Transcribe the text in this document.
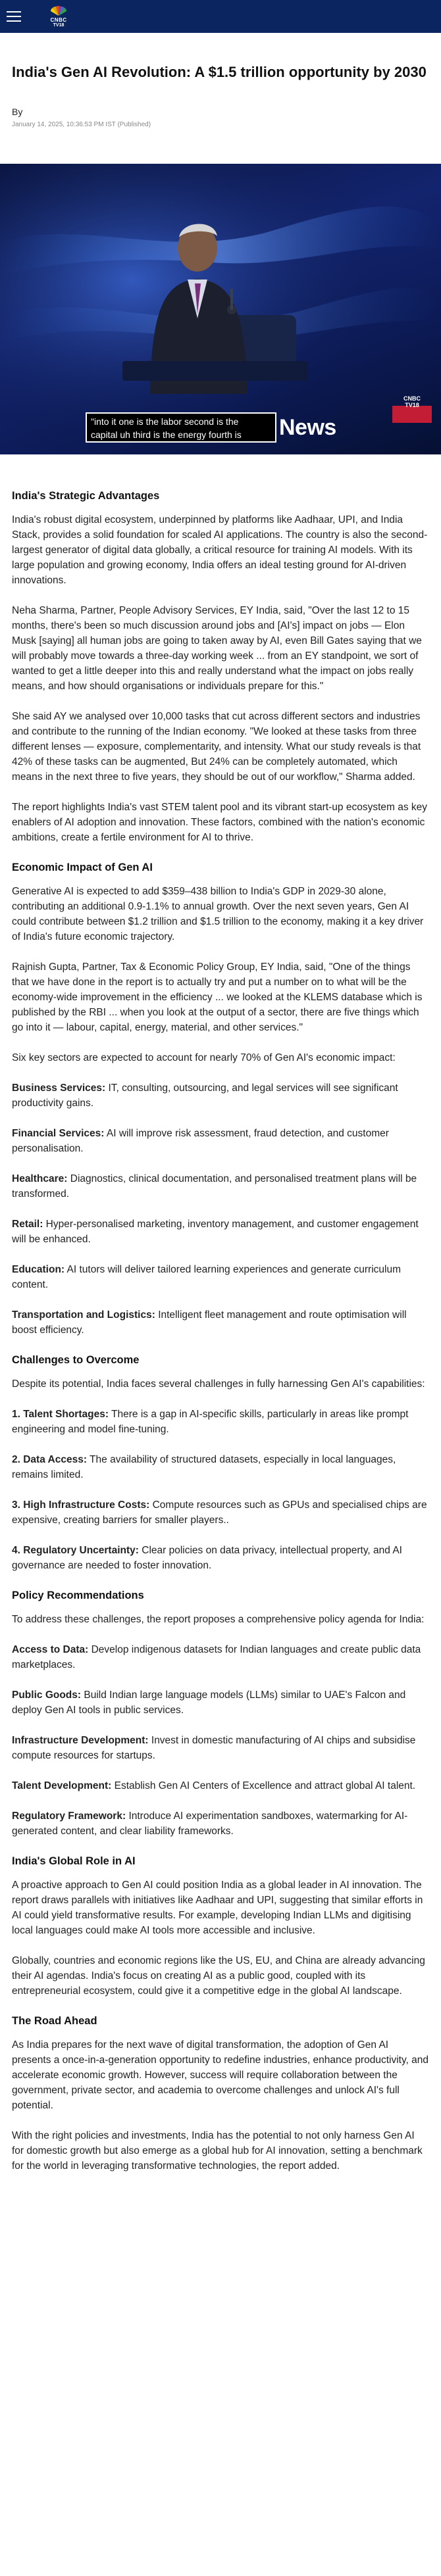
CNBC
TV18
India's Gen AI Revolution: A $1.5 trillion opportunity by 2030
By
January 14, 2025, 10:36:53 PM IST (Published)
CNBC
TV18
"into it one is the labor second is the
capital uh third is the energy fourth is	News
India's Strategic Advantages

India's robust digital ecosystem, underpinned by platforms like Aadhaar, UPI, and India Stack, provides a solid foundation for scaled AI applications. The country is also the second-largest generator of digital data globally, a critical resource for training AI models. With its large population and growing economy, India offers an ideal testing ground for AI-driven innovations.

Neha Sharma, Partner, People Advisory Services, EY India, said, "Over the last 12 to 15 months, there's been so much discussion around jobs and [AI's] impact on jobs — Elon Musk [saying] all human jobs are going to taken away by AI, even Bill Gates saying that we will probably move towards a three-day working week ... from an EY standpoint, we sort of wanted to get a little deeper into this and really understand what the impact on jobs really means, and how should organisations or individuals prepare for this."

She said AY we analysed over 10,000 tasks that cut across different sectors and industries and contribute to the running of the Indian economy. "We looked at these tasks from three different lenses — exposure, complementarity, and intensity. What our study reveals is that 42% of these tasks can be augmented, But 24% can be completely automated, which means in the next three to five years, they should be out of our workflow," Sharma added.

The report highlights India's vast STEM talent pool and its vibrant start-up ecosystem as key enablers of AI adoption and innovation. These factors, combined with the nation's economic ambitions, create a fertile environment for AI to thrive.

Economic Impact of Gen AI

Generative AI is expected to add $359–438 billion to India's GDP in 2029-30 alone, contributing an additional 0.9-1.1% to annual growth. Over the next seven years, Gen AI could contribute between $1.2 trillion and $1.5 trillion to the economy, making it a key driver of India's future economic trajectory.

Rajnish Gupta, Partner, Tax & Economic Policy Group, EY India, said, "One of the things that we have done in the report is to actually try and put a number on to what will be the economy-wide improvement in the efficiency ... we looked at the KLEMS database which is published by the RBI ... when you look at the output of a sector, there are five things which go into it — labour, capital, energy, material, and other services."

Six key sectors are expected to account for nearly 70% of Gen AI's economic impact:

Business Services: IT, consulting, outsourcing, and legal services will see significant productivity gains.

Financial Services: AI will improve risk assessment, fraud detection, and customer personalisation.

Healthcare: Diagnostics, clinical documentation, and personalised treatment plans will be transformed.

Retail: Hyper-personalised marketing, inventory management, and customer engagement will be enhanced.

Education: AI tutors will deliver tailored learning experiences and generate curriculum content.

Transportation and Logistics: Intelligent fleet management and route optimisation will boost efficiency.

Challenges to Overcome

Despite its potential, India faces several challenges in fully harnessing Gen AI's capabilities:

1. Talent Shortages: There is a gap in AI-specific skills, particularly in areas like prompt engineering and model fine-tuning.

2. Data Access: The availability of structured datasets, especially in local languages, remains limited.

3. High Infrastructure Costs: Compute resources such as GPUs and specialised chips are expensive, creating barriers for smaller players..

4. Regulatory Uncertainty: Clear policies on data privacy, intellectual property, and AI governance are needed to foster innovation.

Policy Recommendations

To address these challenges, the report proposes a comprehensive policy agenda for India:

Access to Data: Develop indigenous datasets for Indian languages and create public data marketplaces.

Public Goods: Build Indian large language models (LLMs) similar to UAE's Falcon and deploy Gen AI tools in public services.

Infrastructure Development: Invest in domestic manufacturing of AI chips and subsidise compute resources for startups.

Talent Development: Establish Gen AI Centers of Excellence and attract global AI talent.

Regulatory Framework: Introduce AI experimentation sandboxes, watermarking for AI-generated content, and clear liability frameworks.

India's Global Role in AI

A proactive approach to Gen AI could position India as a global leader in AI innovation. The report draws parallels with initiatives like Aadhaar and UPI, suggesting that similar efforts in AI could yield transformative results. For example, developing Indian LLMs and digitising local languages could make AI tools more accessible and inclusive.

Globally, countries and economic regions like the US, EU, and China are already advancing their AI agendas. India's focus on creating AI as a public good, coupled with its entrepreneurial ecosystem, could give it a competitive edge in the global AI landscape.

The Road Ahead

As India prepares for the next wave of digital transformation, the adoption of Gen AI presents a once-in-a-generation opportunity to redefine industries, enhance productivity, and accelerate economic growth. However, success will require collaboration between the government, private sector, and academia to overcome challenges and unlock AI's full potential.

With the right policies and investments, India has the potential to not only harness Gen AI for domestic growth but also emerge as a global hub for AI innovation, setting a benchmark for the world in leveraging transformative technologies, the report added.
